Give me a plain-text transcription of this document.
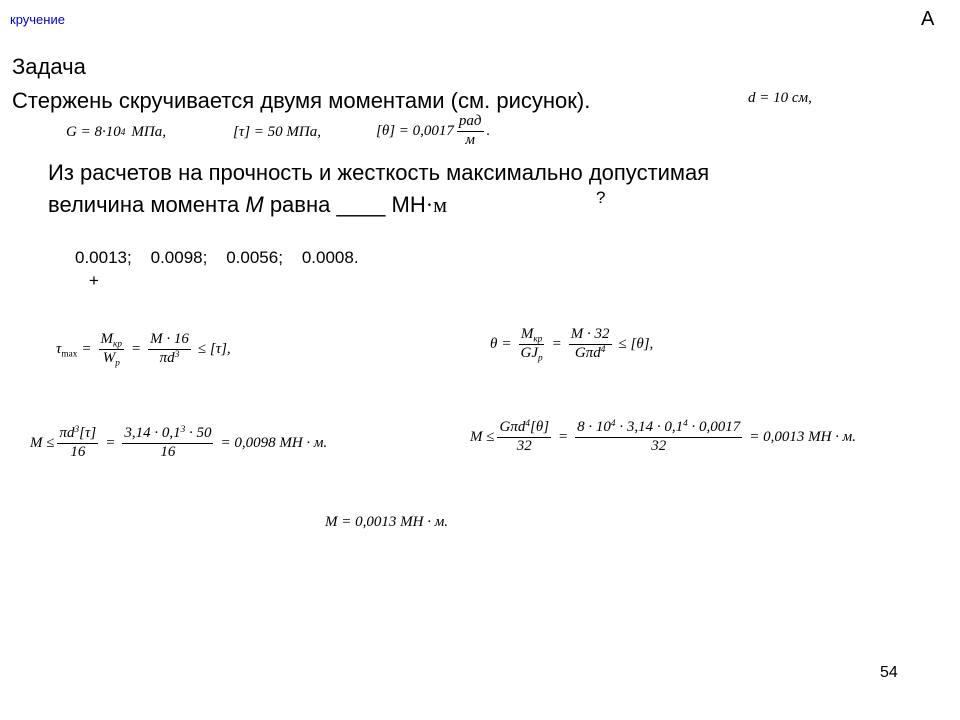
кручение	А
Задача
Стержень скручивается двумя моментами (см. рисунок).	d = 10 см,
G = 8·10 4 МПа,	[τ] = 50 МПа,	$[\theta] = 0,0017 \frac{\text{рад}}{м}$ .
Из расчетов на прочность и жесткость максимально допустимая
величина момента М равна ____ МН·м	?
0.0013;    0.0098;    0.0056;    0.0008.
+
$\tau_{max} = \frac{M_{кр}}{W_p} = \frac{M \cdot 16}{\pi d^3} \le [\tau]$,	$\theta = \frac{M_{кр}}{GJ_p} = \frac{M \cdot 32}{G\pi d^4} \le [\theta]$,
$M \le \frac{\pi d^3[\tau]}{16} = \frac{3,14 \cdot 0,1^3 \cdot 50}{16} = 0,0098$ МН · м.	$M \le \frac{G\pi d^4[\theta]}{32} = \frac{8 \cdot 10^4 \cdot 3,14 \cdot 0,1^4 \cdot 0,0017}{32} = 0,0013$ МН · м.
M = 0,0013 МН · м.
54
